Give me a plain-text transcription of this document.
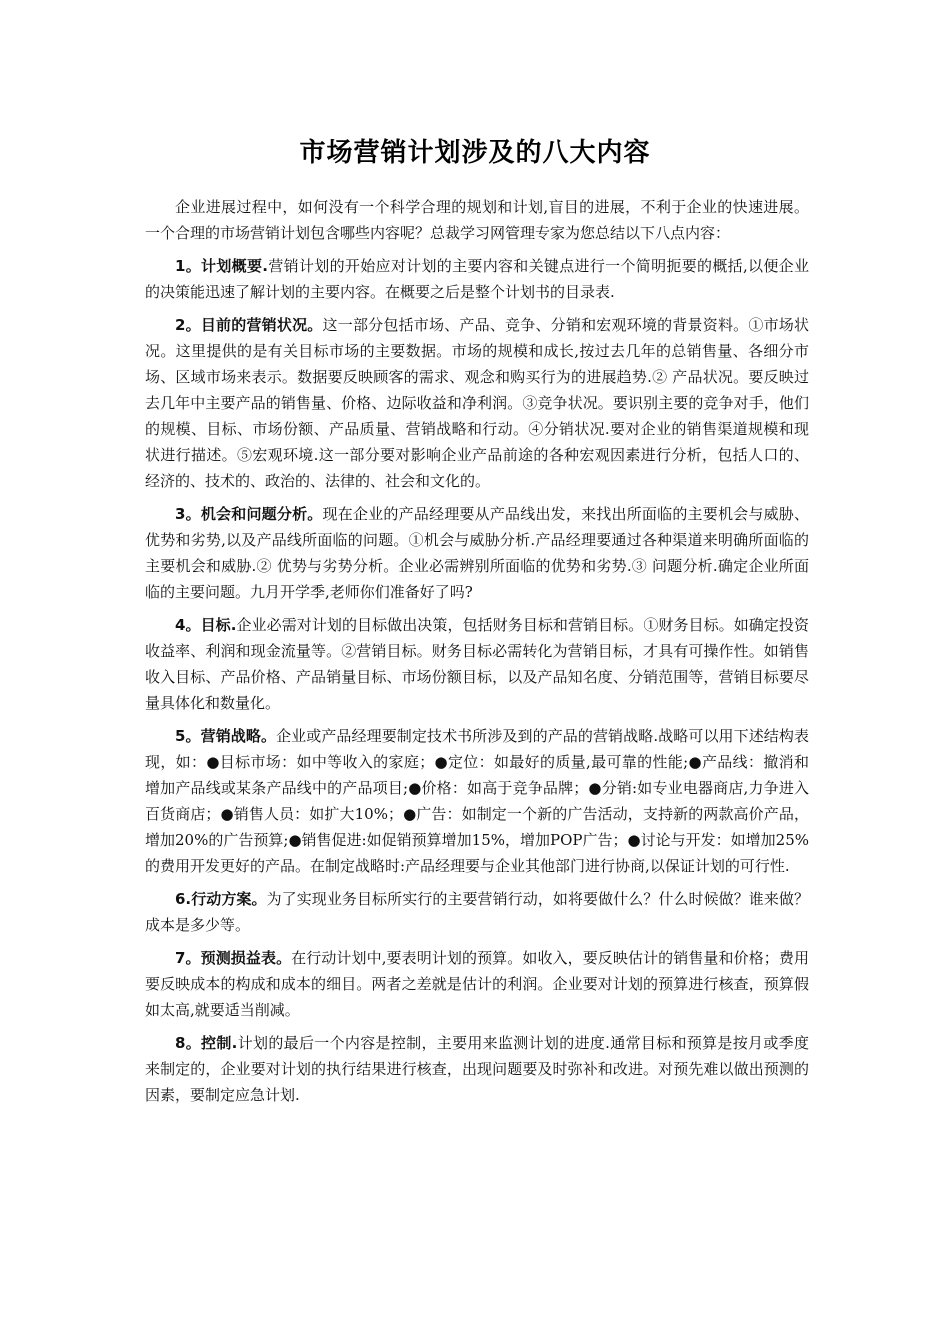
市场营销计划涉及的八大内容

企业进展过程中，如何没有一个科学合理的规划和计划,盲目的进展，不利于企业的快速进展。一个合理的市场营销计划包含哪些内容呢？总裁学习网管理专家为您总结以下八点内容：

1。计划概要.营销计划的开始应对计划的主要内容和关键点进行一个简明扼要的概括,以便企业的决策能迅速了解计划的主要内容。在概要之后是整个计划书的目录表.

2。目前的营销状况。这一部分包括市场、产品、竞争、分销和宏观环境的背景资料。①市场状况。这里提供的是有关目标市场的主要数据。市场的规模和成长,按过去几年的总销售量、各细分市场、区域市场来表示。数据要反映顾客的需求、观念和购买行为的进展趋势.② 产品状况。要反映过去几年中主要产品的销售量、价格、边际收益和净利润。③竞争状况。要识别主要的竞争对手，他们的规模、目标、市场份额、产品质量、营销战略和行动。④分销状况.要对企业的销售渠道规模和现状进行描述。⑤宏观环境.这一部分要对影响企业产品前途的各种宏观因素进行分析，包括人口的、经济的、技术的、政治的、法律的、社会和文化的。

3。机会和问题分析。现在企业的产品经理要从产品线出发，来找出所面临的主要机会与威胁、优势和劣势,以及产品线所面临的问题。①机会与威胁分析.产品经理要通过各种渠道来明确所面临的主要机会和威胁.② 优势与劣势分析。企业必需辨别所面临的优势和劣势.③ 问题分析.确定企业所面临的主要问题。九月开学季,老师你们准备好了吗?

4。目标.企业必需对计划的目标做出决策，包括财务目标和营销目标。①财务目标。如确定投资收益率、利润和现金流量等。②营销目标。财务目标必需转化为营销目标，才具有可操作性。如销售收入目标、产品价格、产品销量目标、市场份额目标，以及产品知名度、分销范围等，营销目标要尽量具体化和数量化。

5。营销战略。企业或产品经理要制定技术书所涉及到的产品的营销战略.战略可以用下述结构表现，如：●目标市场：如中等收入的家庭；●定位：如最好的质量,最可靠的性能;●产品线：撤消和增加产品线或某条产品线中的产品项目;●价格：如高于竞争品牌；●分销:如专业电器商店,力争进入百货商店；●销售人员：如扩大10%；●广告：如制定一个新的广告活动，支持新的两款高价产品，增加20%的广告预算;●销售促进:如促销预算增加15%，增加POP广告；●讨论与开发：如增加25%的费用开发更好的产品。在制定战略时:产品经理要与企业其他部门进行协商,以保证计划的可行性.

6.行动方案。为了实现业务目标所实行的主要营销行动，如将要做什么？什么时候做？谁来做？成本是多少等。

7。预测损益表。在行动计划中,要表明计划的预算。如收入，要反映估计的销售量和价格；费用要反映成本的构成和成本的细目。两者之差就是估计的利润。企业要对计划的预算进行核查，预算假如太高,就要适当削减。

8。控制.计划的最后一个内容是控制，主要用来监测计划的进度.通常目标和预算是按月或季度来制定的，企业要对计划的执行结果进行核查，出现问题要及时弥补和改进。对预先难以做出预测的因素，要制定应急计划.
